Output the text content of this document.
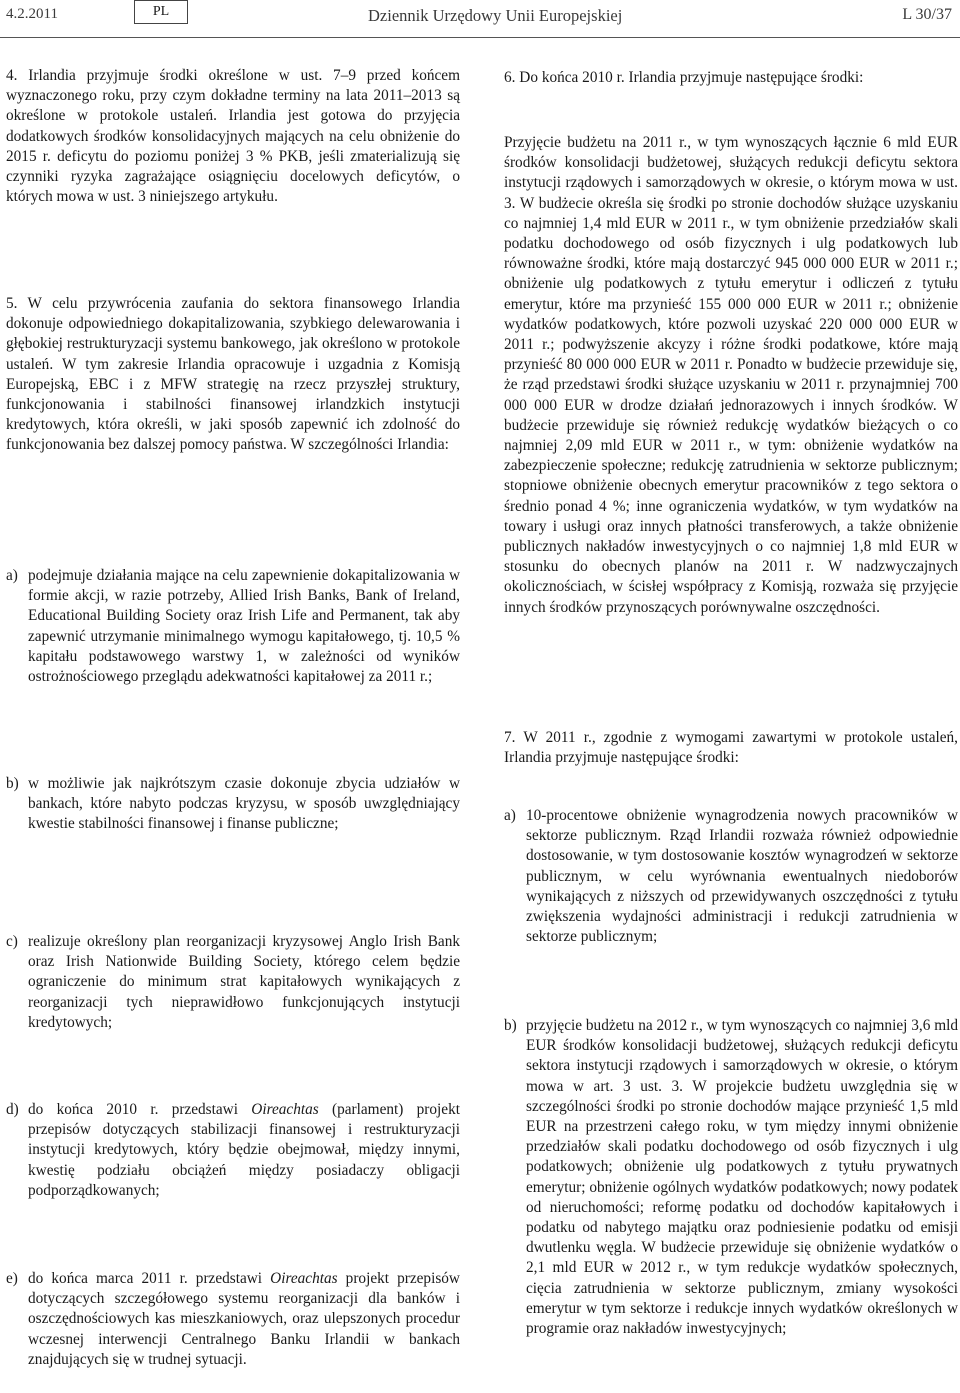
4.2.2011	PL	Dziennik Urzędowy Unii Europejskiej	L 30/37
4. Irlandia przyjmuje środki określone w ust. 7–9 przed końcem wyznaczonego roku, przy czym dokładne terminy na lata 2011–2013 są określone w protokole ustaleń. Irlandia jest gotowa do przyjęcia dodatkowych środków konsolidacyjnych mających na celu obniżenie do 2015 r. deficytu do poziomu poniżej 3 % PKB, jeśli zmaterializują się czynniki ryzyka zagrażające osiągnięciu docelowych deficytów, o których mowa w ust. 3 niniejszego artykułu.
5. W celu przywrócenia zaufania do sektora finansowego Irlandia dokonuje odpowiedniego dokapitalizowania, szybkiego delewarowania i głębokiej restrukturyzacji systemu bankowego, jak określono w protokole ustaleń. W tym zakresie Irlandia opracowuje i uzgadnia z Komisją Europejską, EBC i z MFW strategię na rzecz przyszłej struktury, funkcjonowania i stabilności finansowej irlandzkich instytucji kredytowych, która określi, w jaki sposób zapewnić ich zdolność do funkcjonowania bez dalszej pomocy państwa. W szczególności Irlandia:
a) podejmuje działania mające na celu zapewnienie dokapitalizowania w formie akcji, w razie potrzeby, Allied Irish Banks, Bank of Ireland, Educational Building Society oraz Irish Life and Permanent, tak aby zapewnić utrzymanie minimalnego wymogu kapitałowego, tj. 10,5 % kapitału podstawowego warstwy 1, w zależności od wyników ostrożnościowego przeglądu adekwatności kapitałowej za 2011 r.;
b) w możliwie jak najkrótszym czasie dokonuje zbycia udziałów w bankach, które nabyto podczas kryzysu, w sposób uwzględniający kwestie stabilności finansowej i finanse publiczne;
c) realizuje określony plan reorganizacji kryzysowej Anglo Irish Bank oraz Irish Nationwide Building Society, którego celem będzie ograniczenie do minimum strat kapitałowych wynikających z reorganizacji tych nieprawidłowo funkcjonujących instytucji kredytowych;
d) do końca 2010 r. przedstawi Oireachtas (parlament) projekt przepisów dotyczących stabilizacji finansowej i restrukturyzacji instytucji kredytowych, który będzie obejmował, między innymi, kwestię podziału obciążeń między posiadaczy obligacji podporządkowanych;
e) do końca marca 2011 r. przedstawi Oireachtas projekt przepisów dotyczących szczegółowego systemu reorganizacji dla banków i oszczędnościowych kas mieszkaniowych, oraz ulepszonych procedur wczesnej interwencji Centralnego Banku Irlandii w bankach znajdujących się w trudnej sytuacji.
6. Do końca 2010 r. Irlandia przyjmuje następujące środki:
Przyjęcie budżetu na 2011 r., w tym wynoszących łącznie 6 mld EUR środków konsolidacji budżetowej, służących redukcji deficytu sektora instytucji rządowych i samorządowych w okresie, o którym mowa w ust. 3. W budżecie określa się środki po stronie dochodów służące uzyskaniu co najmniej 1,4 mld EUR w 2011 r., w tym obniżenie przedziałów skali podatku dochodowego od osób fizycznych i ulg podatkowych lub równoważne środki, które mają dostarczyć 945 000 000 EUR w 2011 r.; obniżenie ulg podatkowych z tytułu emerytur i odliczeń z tytułu emerytur, które ma przynieść 155 000 000 EUR w 2011 r.; obniżenie wydatków podatkowych, które pozwoli uzyskać 220 000 000 EUR w 2011 r.; podwyższenie akcyzy i różne środki podatkowe, które mają przynieść 80 000 000 EUR w 2011 r. Ponadto w budżecie przewiduje się, że rząd przedstawi środki służące uzyskaniu w 2011 r. przynajmniej 700 000 000 EUR w drodze działań jednorazowych i innych środków. W budżecie przewiduje się również redukcję wydatków bieżących o co najmniej 2,09 mld EUR w 2011 r., w tym: obniżenie wydatków na zabezpieczenie społeczne; redukcję zatrudnienia w sektorze publicznym; stopniowe obniżenie obecnych emerytur pracowników z tego sektora o średnio ponad 4 %; inne ograniczenia wydatków, w tym wydatków na towary i usługi oraz innych płatności transferowych, a także obniżenie publicznych nakładów inwestycyjnych o co najmniej 1,8 mld EUR w stosunku do obecnych planów na 2011 r. W nadzwyczajnych okolicznościach, w ścisłej współpracy z Komisją, rozważa się przyjęcie innych środków przynoszących porównywalne oszczędności.
7. W 2011 r., zgodnie z wymogami zawartymi w protokole ustaleń, Irlandia przyjmuje następujące środki:
a) 10-procentowe obniżenie wynagrodzenia nowych pracowników w sektorze publicznym. Rząd Irlandii rozważa również odpowiednie dostosowanie, w tym dostosowanie kosztów wynagrodzeń w sektorze publicznym, w celu wyrównania ewentualnych niedoborów wynikających z niższych od przewidywanych oszczędności z tytułu zwiększenia wydajności administracji i redukcji zatrudnienia w sektorze publicznym;
b) przyjęcie budżetu na 2012 r., w tym wynoszących co najmniej 3,6 mld EUR środków konsolidacji budżetowej, służących redukcji deficytu sektora instytucji rządowych i samorządowych w okresie, o którym mowa w art. 3 ust. 3. W projekcie budżetu uwzględnia się w szczególności środki po stronie dochodów mające przynieść 1,5 mld EUR na przestrzeni całego roku, w tym między innymi obniżenie przedziałów skali podatku dochodowego od osób fizycznych i ulg podatkowych; obniżenie ulg podatkowych z tytułu prywatnych emerytur; obniżenie ogólnych wydatków podatkowych; nowy podatek od nieruchomości; reformę podatku od dochodów kapitałowych i podatku od nabytego majątku oraz podniesienie podatku od emisji dwutlenku węgla. W budżecie przewiduje się obniżenie wydatków o 2,1 mld EUR w 2012 r., w tym redukcje wydatków społecznych, cięcia zatrudnienia w sektorze publicznym, zmiany wysokości emerytur w tym sektorze i redukcje innych wydatków określonych w programie oraz nakładów inwestycyjnych;
